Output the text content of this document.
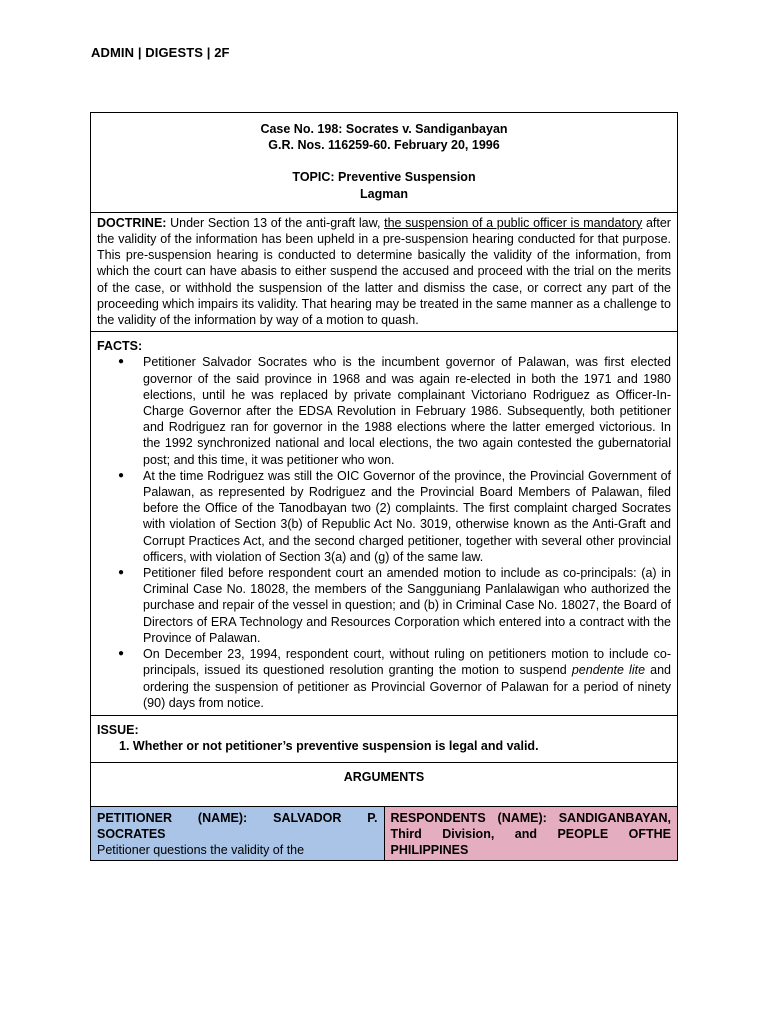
ADMIN | DIGESTS | 2F
Case No. 198: Socrates v. Sandiganbayan
G.R. Nos. 116259-60. February 20, 1996
TOPIC: Preventive Suspension
Lagman

DOCTRINE: Under Section 13 of the anti-graft law, the suspension of a public officer is mandatory after the validity of the information has been upheld in a pre-suspension hearing conducted for that purpose. This pre-suspension hearing is conducted to determine basically the validity of the information, from which the court can have abasis to either suspend the accused and proceed with the trial on the merits of the case, or withhold the suspension of the latter and dismiss the case, or correct any part of the proceeding which impairs its validity. That hearing may be treated in the same manner as a challenge to the validity of the information by way of a motion to quash.

FACTS:
● Petitioner Salvador Socrates who is the incumbent governor of Palawan, was first elected governor of the said province in 1968 and was again re-elected in both the 1971 and 1980 elections, until he was replaced by private complainant Victoriano Rodriguez as Officer-In-Charge Governor after the EDSA Revolution in February 1986. Subsequently, both petitioner and Rodriguez ran for governor in the 1988 elections where the latter emerged victorious. In the 1992 synchronized national and local elections, the two again contested the gubernatorial post; and this time, it was petitioner who won.
● At the time Rodriguez was still the OIC Governor of the province, the Provincial Government of Palawan, as represented by Rodriguez and the Provincial Board Members of Palawan, filed before the Office of the Tanodbayan two (2) complaints. The first complaint charged Socrates with violation of Section 3(b) of Republic Act No. 3019, otherwise known as the Anti-Graft and Corrupt Practices Act, and the second charged petitioner, together with several other provincial officers, with violation of Section 3(a) and (g) of the same law.
● Petitioner filed before respondent court an amended motion to include as co-principals: (a) in Criminal Case No. 18028, the members of the Sangguniang Panlalawigan who authorized the purchase and repair of the vessel in question; and (b) in Criminal Case No. 18027, the Board of Directors of ERA Technology and Resources Corporation which entered into a contract with the Province of Palawan.
● On December 23, 1994, respondent court, without ruling on petitioners motion to include co-principals, issued its questioned resolution granting the motion to suspend pendente lite and ordering the suspension of petitioner as Provincial Governor of Palawan for a period of ninety (90) days from notice.

ISSUE:
1. Whether or not petitioner’s preventive suspension is legal and valid.

ARGUMENTS

PETITIONER (NAME): SALVADOR P. SOCRATES
Petitioner questions the validity of the

RESPONDENTS (NAME): SANDIGANBAYAN, Third Division, and PEOPLE OFTHE PHILIPPINES
